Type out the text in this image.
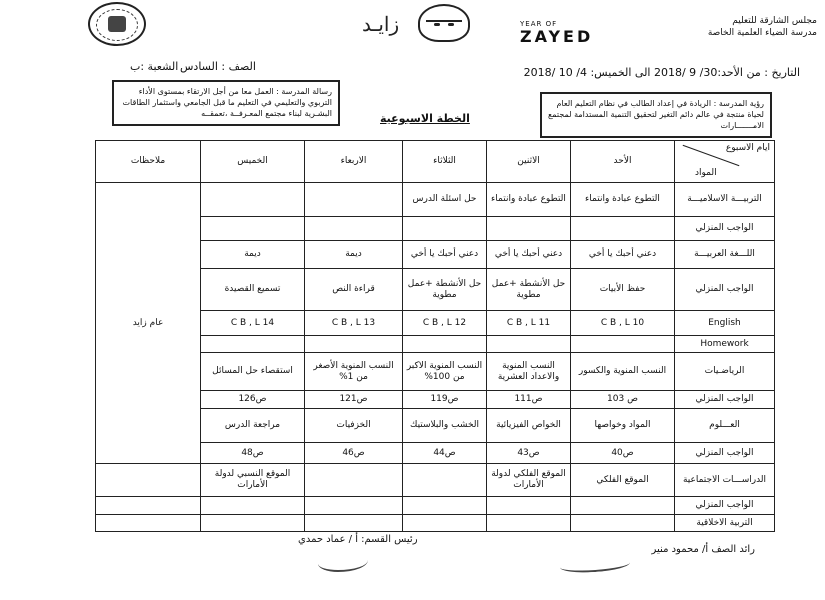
زايـد	YEAR OF
ZAYED
مجلس الشارقة للتعليم
مدرسة الضياء العلمية الخاصة
التاريخ : من الأحد:30/ 9 /2018 الى الخميس: 4/ 10 /2018
الصف : السادس
الشعبة :ب
رؤية المدرسة : الريادة في إعداد الطالب في نظام التعليم العام لحياة منتجة في عالم دائم التغير لتحقيق التنمية المستدامة لمجتمع الامـــــــارات
رسالة المدرسة : العمل معا من أجل الارتقاء بمستوى الأداء التربوي والتعليمي في التعليم ما قبل الجامعي واستثمار الطاقات البشـرية لبناء مجتمع المعـرفــة ،تعمقــه	الخطة الاسبوعية
ايام الاسبوع
المواد	الأحد	الاثنين	الثلاثاء	الاربعاء	الخميس	ملاحظات
التربيـــة الاسلاميـــة	التطوع عبادة وانتماء	التطوع عبادة وانتماء	حل اسئلة الدرس			عام زايد
الواجب المنزلي						
اللـــغة العربيـــة	دعني أحبك يا أخي	دعني أحبك يا أخي	دعني أحبك يا أخي	ديمة	ديمة	
الواجب المنزلي	حفظ الأبيات	حل الأنشطة +عمل مطوية	حل الأنشطة +عمل مطوية	قراءة النص	تسميع القصيدة	
English	C B , L 10	C B , L 11	C B , L 12	C B , L 13	C B , L 14	
Homework						
الرياضـيات	النسب المنوية والكسور	النسب المنوية والاعداد العشرية	النسب المنوية الاكبر من 100%	النسب المنوية الأصغر من 1%	استقصاء حل المسائل	
الواجب المنزلي	ص 103	ص111	ص119	ص121	ص126	
العـــلوم	المواد وخواصها	الخواص الفيزيائية	الخشب والبلاستيك	الخزفيات	مراجعة الدرس	
الواجب المنزلي	ص40	ص43	ص44	ص46	ص48	
الدراســـات الاجتماعية	الموقع الفلكي	الموقع الفلكي لدولة الأمارات			الموقع النسبي لدولة الأمارات	
الواجب المنزلي						
التربية الاخلاقية						
رئيس القسم: أ / عماد حمدي
رائد الصف أ/ محمود منير
